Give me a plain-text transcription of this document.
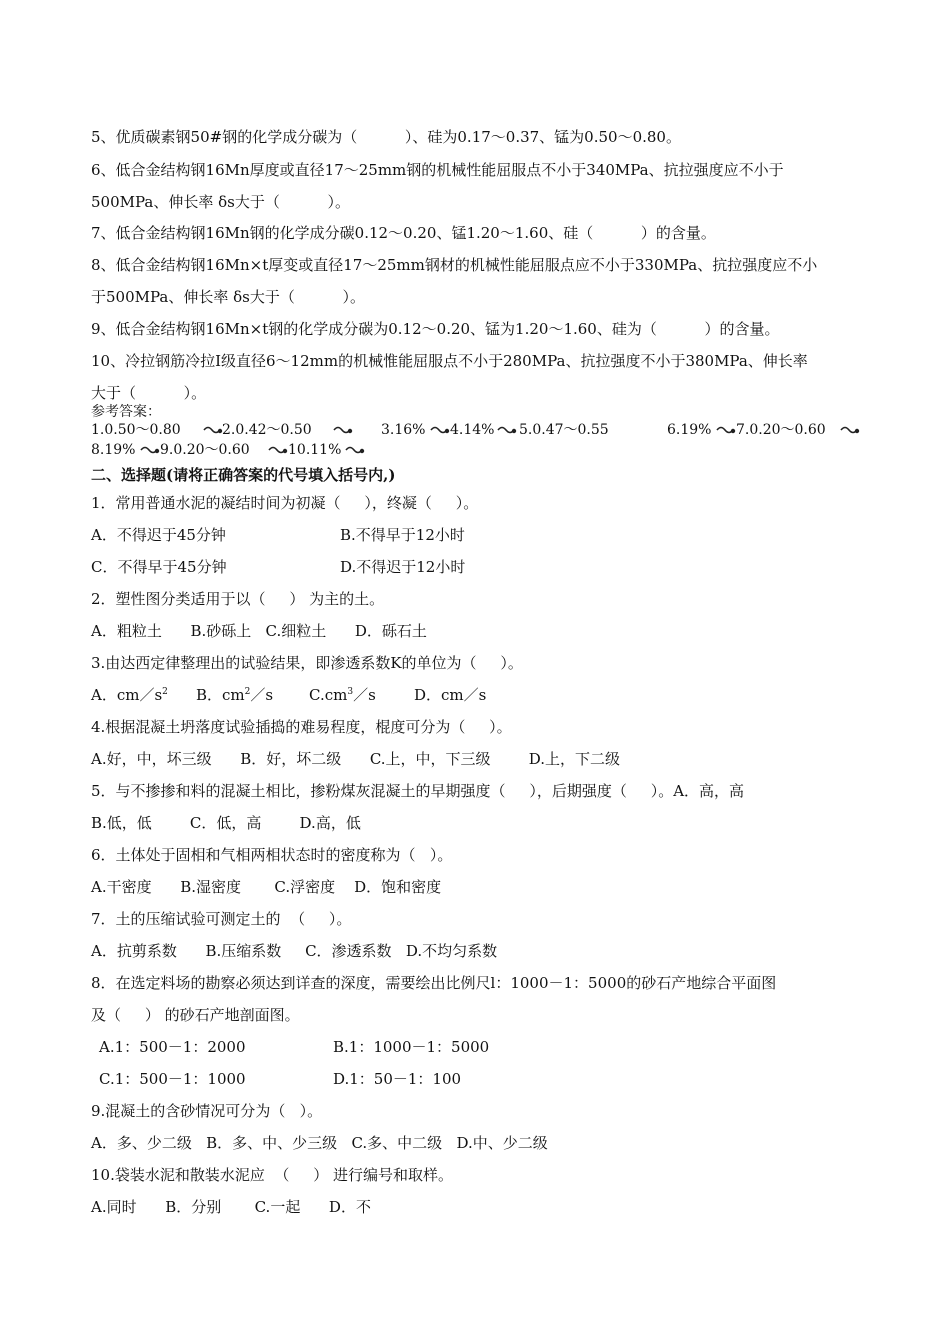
5、优质碳素钢50#钢的化学成分碳为（          ）、硅为0.17～0.37、锰为0.50～0.80。
6、低合金结构钢16Mn厚度或直径17～25mm钢的机械性能屈服点不小于340MPa、抗拉强度应不小于
500MPa、伸长率 δs大于（          ）。
7、低合金结构钢16Mn钢的化学成分碳0.12～0.20、锰1.20～1.60、硅（          ）的含量。
8、低合金结构钢16Mn×t厚变或直径17～25mm钢材的机械性能屈服点应不小于330MPa、抗拉强度应不小
于500MPa、伸长率 δs大于（          ）。
9、低合金结构钢16Mn×t钢的化学成分碳为0.12～0.20、锰为1.20～1.60、硅为（          ）的含量。
10、冷拉钢筋冷拉Ⅰ级直径6～12mm的机械惟能屈服点不小于280MPa、抗拉强度不小于380MPa、伸长率
大于（          ）。
参考答案：
1.0.50～0.80	2.0.42～0.50	3.16% 4.14% 5.0.47～0.55	6.19% 7.0.20～0.60
8.19% 9.0.20～0.60	10.11%
二、选择题(请将正确答案的代号填入括号内,)
1．常用普通水泥的凝结时间为初凝（     ），终凝（     ）。
A．不得迟于45分钟	B.不得早于12小时
C．不得早于45分钟	D.不得迟于12小时
2．塑性图分类适用于以（     ） 为主的土。
A．粗粒土      B.砂砾上   C.细粒土      D．砾石土
3.由达西定律整理出的试验结果，即渗透系数K的单位为（     ）。
A．$cm/s^2$ B．$cm^2/s$ $C.cm^3/s$	D．cm／s
4.根据混凝土坍落度试验插捣的难易程度，棍度可分为（     ）。
A.好，中，坏三级      B．好，坏二级      C.上，中，下三级        D.上，下二级
5．与不掺掺和料的混凝土相比，掺粉煤灰混凝土的早期强度（     ），后期强度（     ）。A．高，高
B.低，低        C．低，高        D.高，低
6．土体处于固相和气相两相状态时的密度称为（   ）。
A.干密度      B.湿密度       C.浮密度    D．饱和密度
7．土的压缩试验可测定土的  （     ）。
A．抗剪系数      B.压缩系数     C．渗透系数   D.不均匀系数
8．在选定料场的勘察必须达到详查的深度，需要绘出比例尺l：1000－1：5000的砂石产地综合平面图
及（     ） 的砂石产地剖面图。
A.1：500－1：2000	B.1：1000－1：5000
C.1：500－1：1000	D.1：50－1：100
9.混凝土的含砂情况可分为（   ）。
A．多、少二级   B．多、中、少三级   C.多、中二级   D.中、少二级
10.袋装水泥和散装水泥应  （     ） 进行编号和取样。
A.同时      B．分别       C.一起      D．不
